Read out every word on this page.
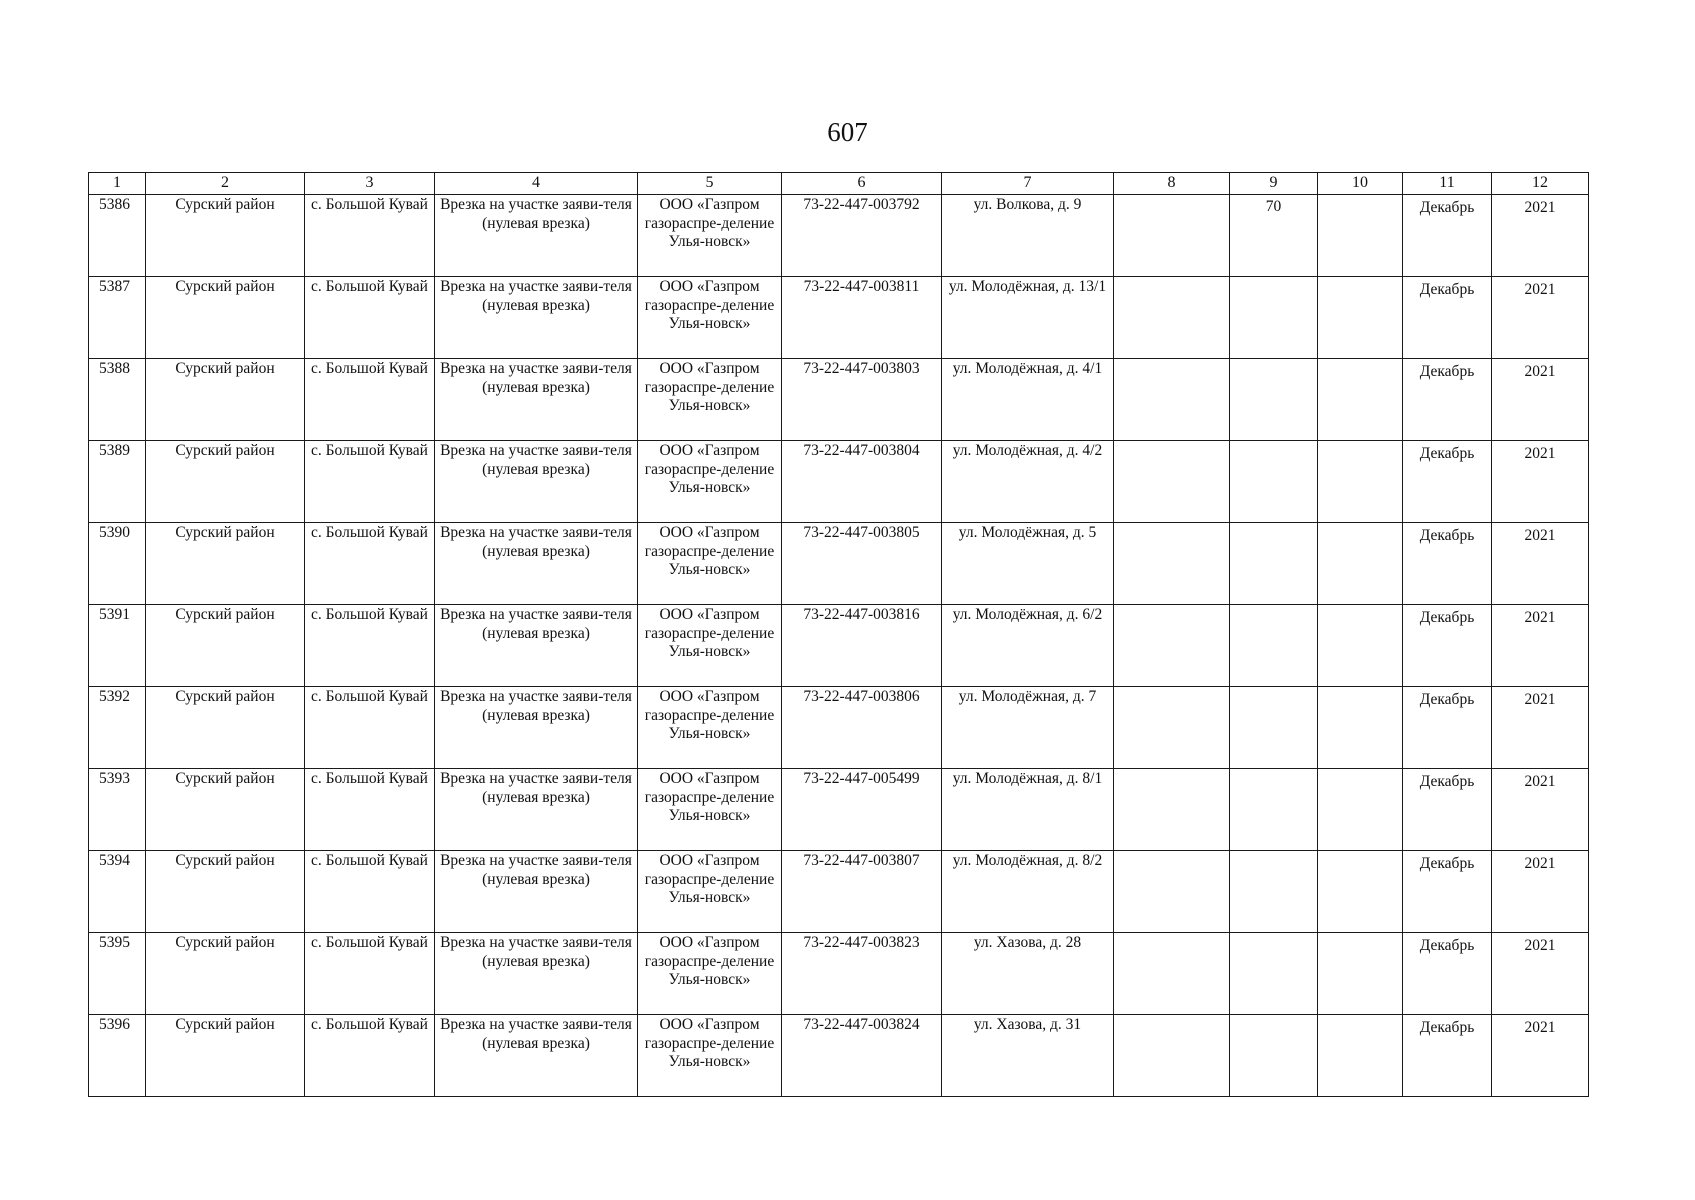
607
1	2	3	4	5	6	7	8	9	10	11	12
5386	Сурский район	с. Большой Кувай	Врезка на участке заяви-теля (нулевая врезка)	ООО «Газпром газораспре-деление Улья-новск»	73-22-447-003792	ул. Волкова, д. 9		70		Декабрь	2021
5387	Сурский район	с. Большой Кувай	Врезка на участке заяви-теля (нулевая врезка)	ООО «Газпром газораспре-деление Улья-новск»	73-22-447-003811	ул. Молодёжная, д. 13/1				Декабрь	2021
5388	Сурский район	с. Большой Кувай	Врезка на участке заяви-теля (нулевая врезка)	ООО «Газпром газораспре-деление Улья-новск»	73-22-447-003803	ул. Молодёжная, д. 4/1				Декабрь	2021
5389	Сурский район	с. Большой Кувай	Врезка на участке заяви-теля (нулевая врезка)	ООО «Газпром газораспре-деление Улья-новск»	73-22-447-003804	ул. Молодёжная, д. 4/2				Декабрь	2021
5390	Сурский район	с. Большой Кувай	Врезка на участке заяви-теля (нулевая врезка)	ООО «Газпром газораспре-деление Улья-новск»	73-22-447-003805	ул. Молодёжная, д. 5				Декабрь	2021
5391	Сурский район	с. Большой Кувай	Врезка на участке заяви-теля (нулевая врезка)	ООО «Газпром газораспре-деление Улья-новск»	73-22-447-003816	ул. Молодёжная, д. 6/2				Декабрь	2021
5392	Сурский район	с. Большой Кувай	Врезка на участке заяви-теля (нулевая врезка)	ООО «Газпром газораспре-деление Улья-новск»	73-22-447-003806	ул. Молодёжная, д. 7				Декабрь	2021
5393	Сурский район	с. Большой Кувай	Врезка на участке заяви-теля (нулевая врезка)	ООО «Газпром газораспре-деление Улья-новск»	73-22-447-005499	ул. Молодёжная, д. 8/1				Декабрь	2021
5394	Сурский район	с. Большой Кувай	Врезка на участке заяви-теля (нулевая врезка)	ООО «Газпром газораспре-деление Улья-новск»	73-22-447-003807	ул. Молодёжная, д. 8/2				Декабрь	2021
5395	Сурский район	с. Большой Кувай	Врезка на участке заяви-теля (нулевая врезка)	ООО «Газпром газораспре-деление Улья-новск»	73-22-447-003823	ул. Хазова, д. 28				Декабрь	2021
5396	Сурский район	с. Большой Кувай	Врезка на участке заяви-теля (нулевая врезка)	ООО «Газпром газораспре-деление Улья-новск»	73-22-447-003824	ул. Хазова, д. 31				Декабрь	2021
